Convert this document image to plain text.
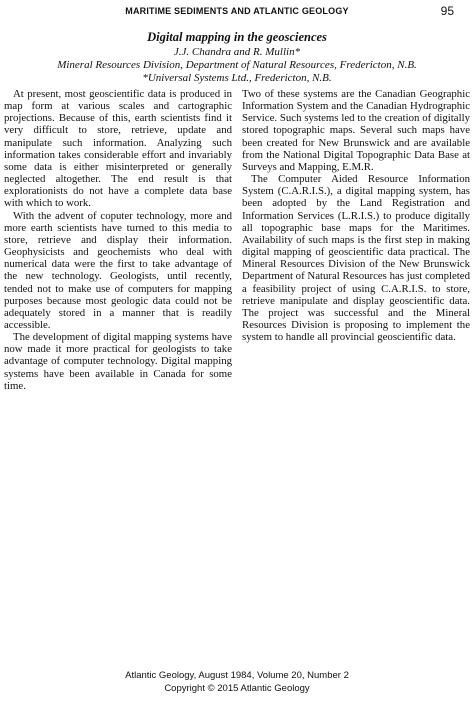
MARITIME SEDIMENTS AND ATLANTIC GEOLOGY	95
Digital mapping in the geosciences
J.J. Chandra and R. Mullin*
Mineral Resources Division, Department of Natural Resources, Fredericton, N.B.
*Universal Systems Ltd., Fredericton, N.B.

At present, most geoscientific data is produced in map form at various scales and cartographic projections. Because of this, earth scientists find it very difficult to store, retrieve, update and manipulate such information. Analyzing such information takes considerable effort and invariably some data is either misinterpreted or generally neglected altogether. The end result is that explorationists do not have a complete data base with which to work.

With the advent of coputer technology, more and more earth scientists have turned to this media to store, retrieve and display their information. Geophysicists and geochemists who deal with numerical data were the first to take advantage of the new technology. Geologists, until recently, tended not to make use of computers for mapping purposes because most geologic data could not be adequately stored in a manner that is readily accessible.

The development of digital mapping systems have now made it more practical for geologists to take advantage of computer technology. Digital mapping systems have been available in Canada for some time.

Two of these systems are the Canadian Geographic Information System and the Canadian Hydrographic Service. Such systems led to the creation of digitally stored topographic maps. Several such maps have been created for New Brunswick and are available from the National Digital Topographic Data Base at Surveys and Mapping, E.M.R.

The Computer Aided Resource Information System (C.A.R.I.S.), a digital mapping system, has been adopted by the Land Registration and Information Services (L.R.I.S.) to produce digitally all topographic base maps for the Maritimes. Availability of such maps is the first step in making digital mapping of geoscientific data practical. The Mineral Resources Division of the New Brunswick Department of Natural Resources has just completed a feasibility project of using C.A.R.I.S. to store, retrieve manipulate and display geoscientific data. The project was successful and the Mineral Resources Division is proposing to implement the system to handle all provincial geoscientific data.

Atlantic Geology, August 1984, Volume 20, Number 2
Copyright © 2015 Atlantic Geology
